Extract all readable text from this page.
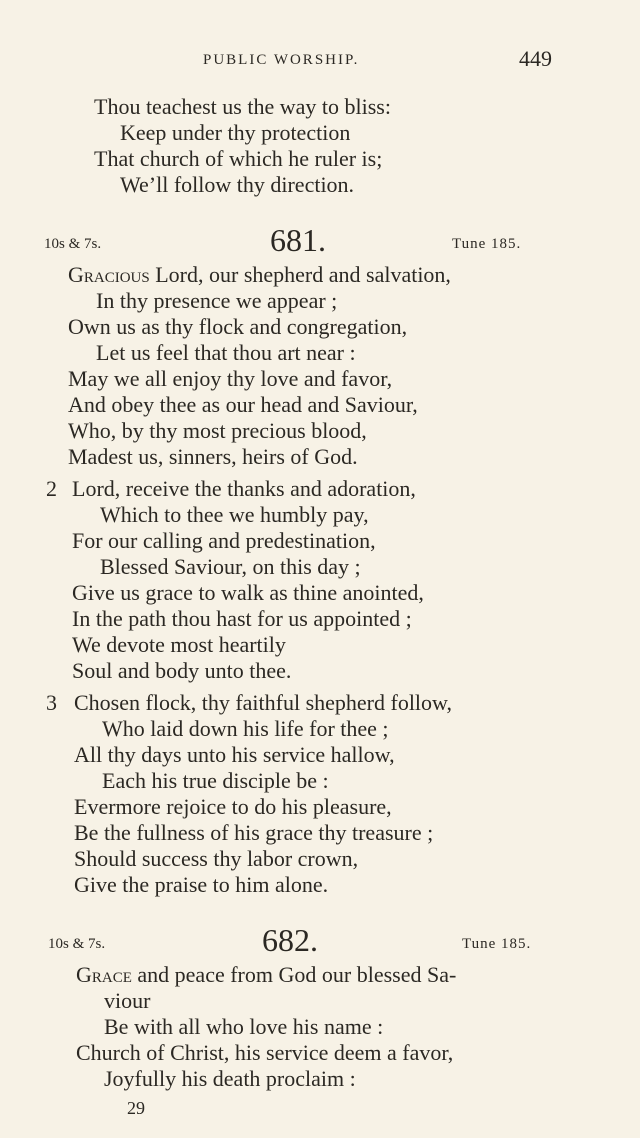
PUBLIC WORSHIP.	449
Thou teachest us the way to bliss:
Keep under thy protection
That church of which he ruler is;
We’ll follow thy direction.
10s & 7s.	681.	Tune 185.
Gracious Lord, our shepherd and salvation,
In thy presence we appear ;
Own us as thy flock and congregation,
Let us feel that thou art near :
May we all enjoy thy love and favor,
And obey thee as our head and Saviour,
Who, by thy most precious blood,
Madest us, sinners, heirs of God.
2 Lord, receive the thanks and adoration,
Which to thee we humbly pay,
For our calling and predestination,
Blessed Saviour, on this day ;
Give us grace to walk as thine anointed,
In the path thou hast for us appointed ;
We devote most heartily
Soul and body unto thee.
3 Chosen flock, thy faithful shepherd follow,
Who laid down his life for thee ;
All thy days unto his service hallow,
Each his true disciple be :
Evermore rejoice to do his pleasure,
Be the fullness of his grace thy treasure ;
Should success thy labor crown,
Give the praise to him alone.
10s & 7s.	682.	Tune 185.
Grace and peace from God our blessed Sa-
viour
Be with all who love his name :
Church of Christ, his service deem a favor,
Joyfully his death proclaim :
29
